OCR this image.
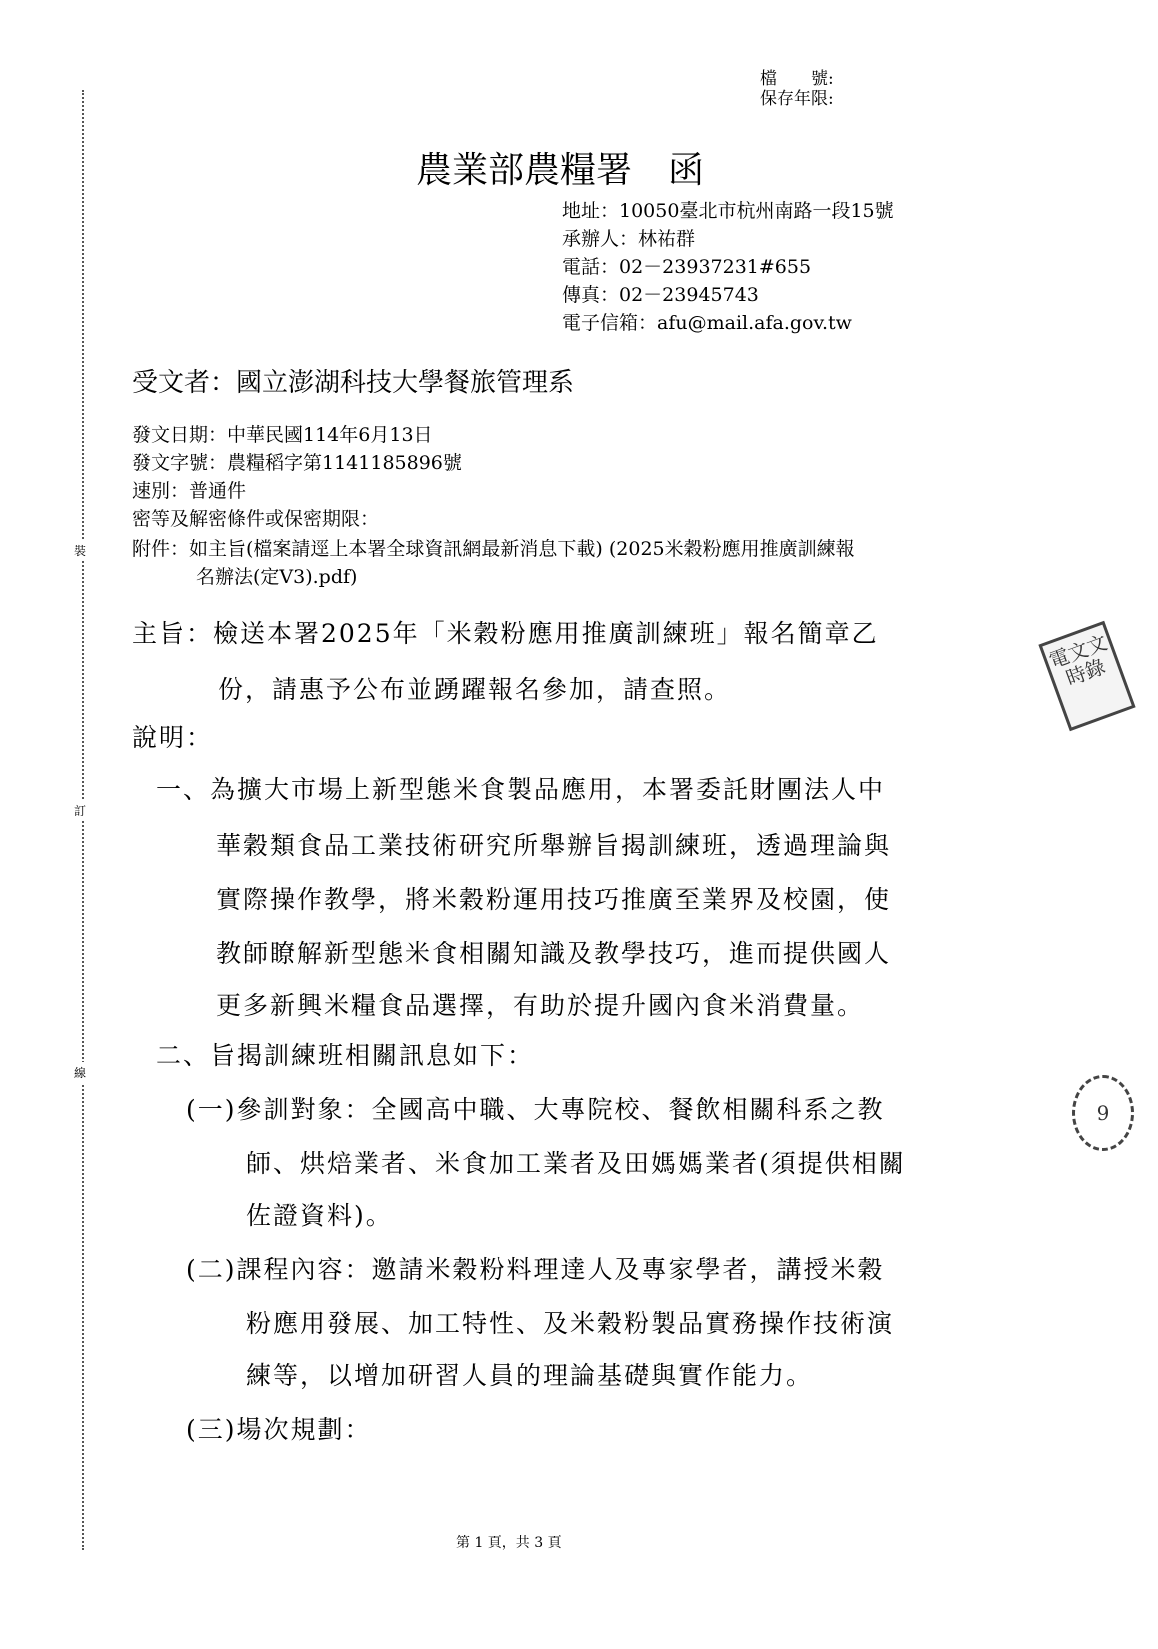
裝
訂
線
檔　　號:
保存年限:
農業部農糧署　函
地址：10050臺北市杭州南路一段15號
承辦人：林祐群
電話：02－23937231#655
傳真：02－23945743
電子信箱：afu@mail.afa.gov.tw
受文者：國立澎湖科技大學餐旅管理系
發文日期：中華民國114年6月13日
發文字號：農糧稻字第1141185896號
速別：普通件
密等及解密條件或保密期限：
附件：如主旨(檔案請逕上本署全球資訊網最新消息下載) (2025米穀粉應用推廣訓練報
名辦法(定V3).pdf)
主旨：檢送本署2025年「米穀粉應用推廣訓練班」報名簡章乙
份，請惠予公布並踴躍報名參加，請查照。
說明：
一、為擴大市場上新型態米食製品應用，本署委託財團法人中
華穀類食品工業技術研究所舉辦旨揭訓練班，透過理論與
實際操作教學，將米穀粉運用技巧推廣至業界及校園，使
教師瞭解新型態米食相關知識及教學技巧，進而提供國人
更多新興米糧食品選擇，有助於提升國內食米消費量。
二、旨揭訓練班相關訊息如下：
(一)參訓對象：全國高中職、大專院校、餐飲相關科系之教
師、烘焙業者、米食加工業者及田媽媽業者(須提供相關
佐證資料)。
(二)課程內容：邀請米穀粉料理達人及專家學者，講授米穀
粉應用發展、加工特性、及米穀粉製品實務操作技術演
練等，以增加研習人員的理論基礎與實作能力。
(三)場次規劃：
電文文時錄
9
第 1 頁，共 3 頁
